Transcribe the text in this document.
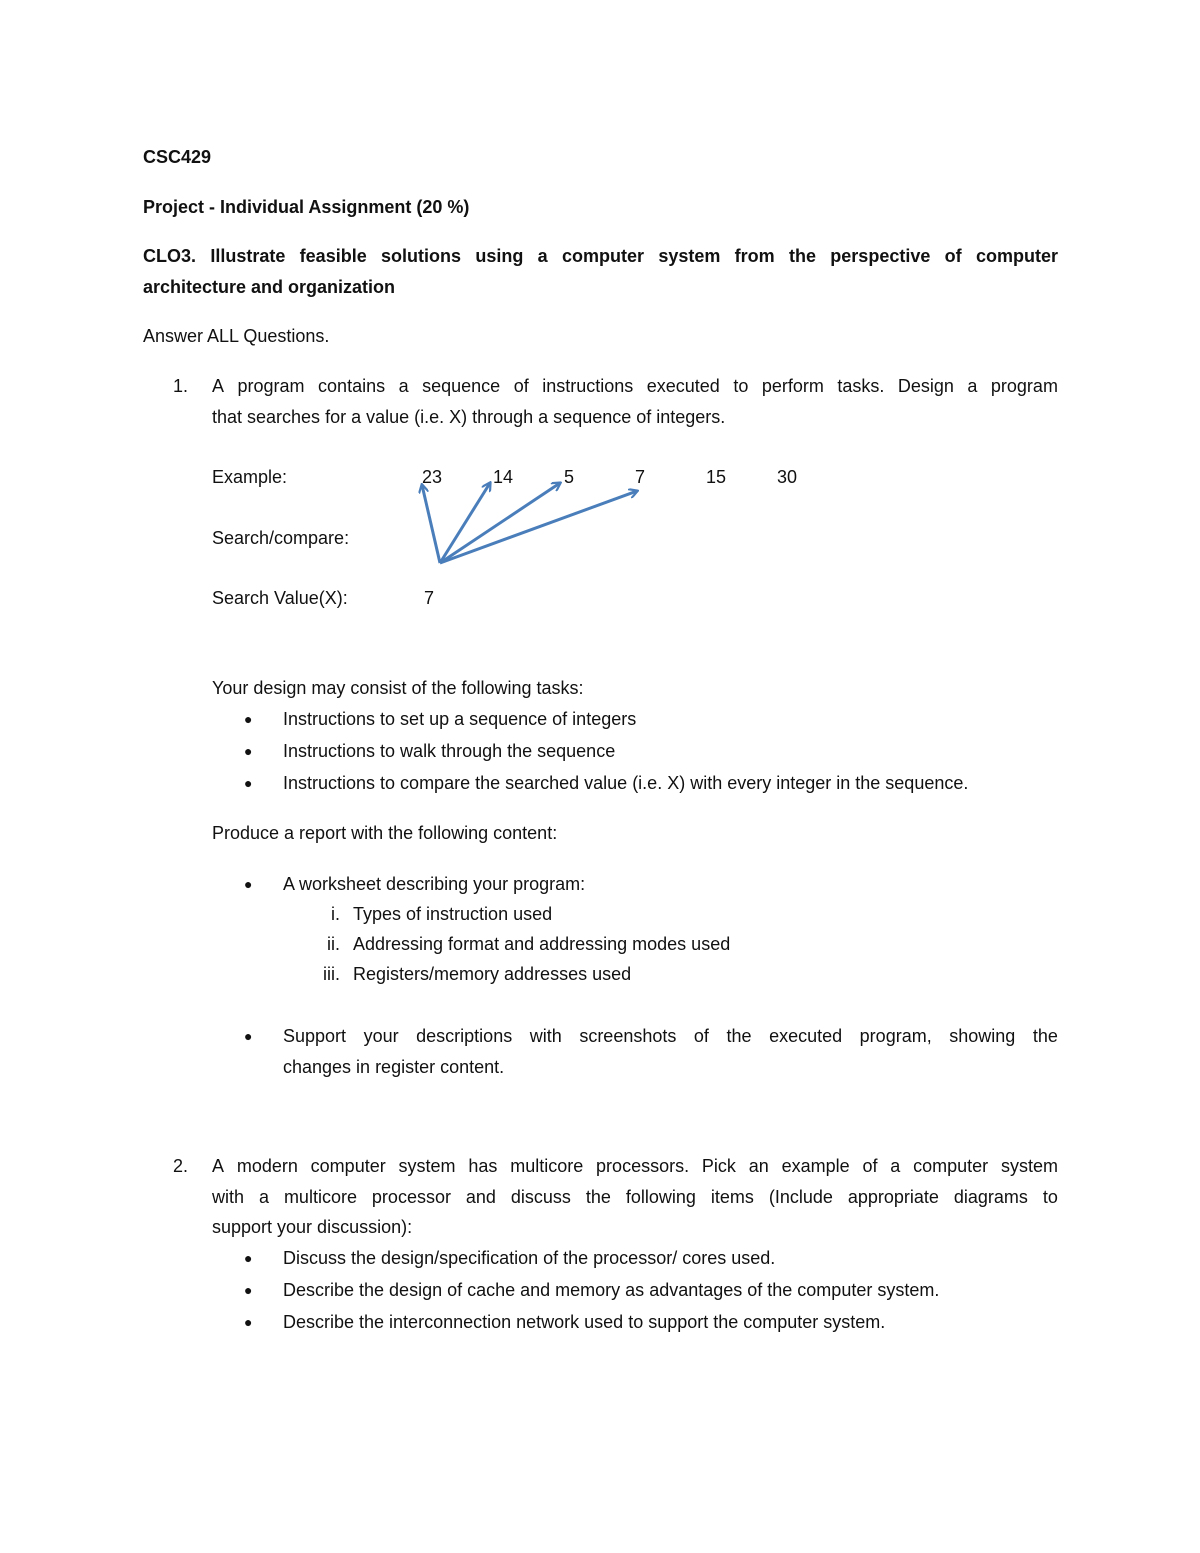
CSC429
Project - Individual Assignment (20 %)
CLO3. Illustrate feasible solutions using a computer system from the perspective of computer
architecture and organization
Answer ALL Questions.
1. A program contains a sequence of instructions executed to perform tasks. Design a program
that searches for a value (i.e. X) through a sequence of integers.
Example:	23	14	5	7	15	30
Search/compare:
Search Value(X):	7
Your design may consist of the following tasks:
● Instructions to set up a sequence of integers
● Instructions to walk through the sequence
● Instructions to compare the searched value (i.e. X) with every integer in the sequence.
Produce a report with the following content:
● A worksheet describing your program:
i. Types of instruction used
ii. Addressing format and addressing modes used
iii. Registers/memory addresses used
● Support your descriptions with screenshots of the executed program, showing the
changes in register content.
2. A modern computer system has multicore processors. Pick an example of a computer system
with a multicore processor and discuss the following items (Include appropriate diagrams to
support your discussion):
● Discuss the design/specification of the processor/ cores used.
● Describe the design of cache and memory as advantages of the computer system.
● Describe the interconnection network used to support the computer system.
